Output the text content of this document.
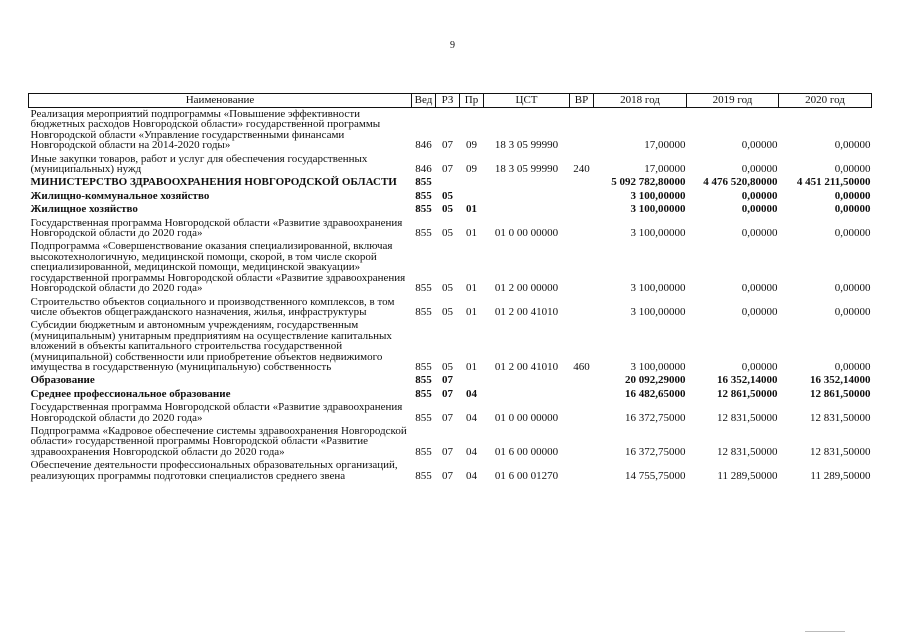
9
Наименование	Вед	РЗ	Пр	ЦСТ	ВР	2018 год	2019 год	2020 год
Реализация мероприятий подпрограммы «Повышение эффективности бюджетных расходов Новгородской области» государственной программы Новгородской области «Управление государственными финансами Новгородской области на 2014-2020 годы»	846	07	09	18 3 05 99990		17,00000	0,00000	0,00000
Иные закупки товаров, работ и услуг для обеспечения государственных (муниципальных) нужд	846	07	09	18 3 05 99990	240	17,00000	0,00000	0,00000
МИНИСТЕРСТВО ЗДРАВООХРАНЕНИЯ НОВГОРОДСКОЙ ОБЛАСТИ	855					5 092 782,80000	4 476 520,80000	4 451 211,50000
Жилищно-коммунальное хозяйство	855	05				3 100,00000	0,00000	0,00000
Жилищное хозяйство	855	05	01			3 100,00000	0,00000	0,00000
Государственная программа Новгородской области «Развитие здравоохранения Новгородской области до 2020 года»	855	05	01	01 0 00 00000		3 100,00000	0,00000	0,00000
Подпрограмма «Совершенствование оказания специализированной, включая высокотехнологичную, медицинской помощи, скорой, в том числе скорой специализированной, медицинской помощи, медицинской эвакуации» государственной программы Новгородской области «Развитие здравоохранения Новгородской области до 2020 года»	855	05	01	01 2 00 00000		3 100,00000	0,00000	0,00000
Строительство объектов социального и производственного комплексов, в том числе объектов общегражданского назначения, жилья, инфраструктуры	855	05	01	01 2 00 41010		3 100,00000	0,00000	0,00000
Субсидии бюджетным и автономным учреждениям, государственным (муниципальным) унитарным предприятиям на осуществление капитальных вложений в объекты капитального строительства государственной (муниципальной) собственности или приобретение объектов недвижимого имущества в государственную (муниципальную) собственность	855	05	01	01 2 00 41010	460	3 100,00000	0,00000	0,00000
Образование	855	07				20 092,29000	16 352,14000	16 352,14000
Среднее профессиональное образование	855	07	04			16 482,65000	12 861,50000	12 861,50000
Государственная программа Новгородской области «Развитие здравоохранения Новгородской области до 2020 года»	855	07	04	01 0 00 00000		16 372,75000	12 831,50000	12 831,50000
Подпрограмма «Кадровое обеспечение системы здравоохранения Новгородской области» государственной программы Новгородской области «Развитие здравоохранения Новгородской области до 2020 года»	855	07	04	01 6 00 00000		16 372,75000	12 831,50000	12 831,50000
Обеспечение деятельности профессиональных образовательных организаций, реализующих программы подготовки специалистов среднего звена	855	07	04	01 6 00 01270		14 755,75000	11 289,50000	11 289,50000
